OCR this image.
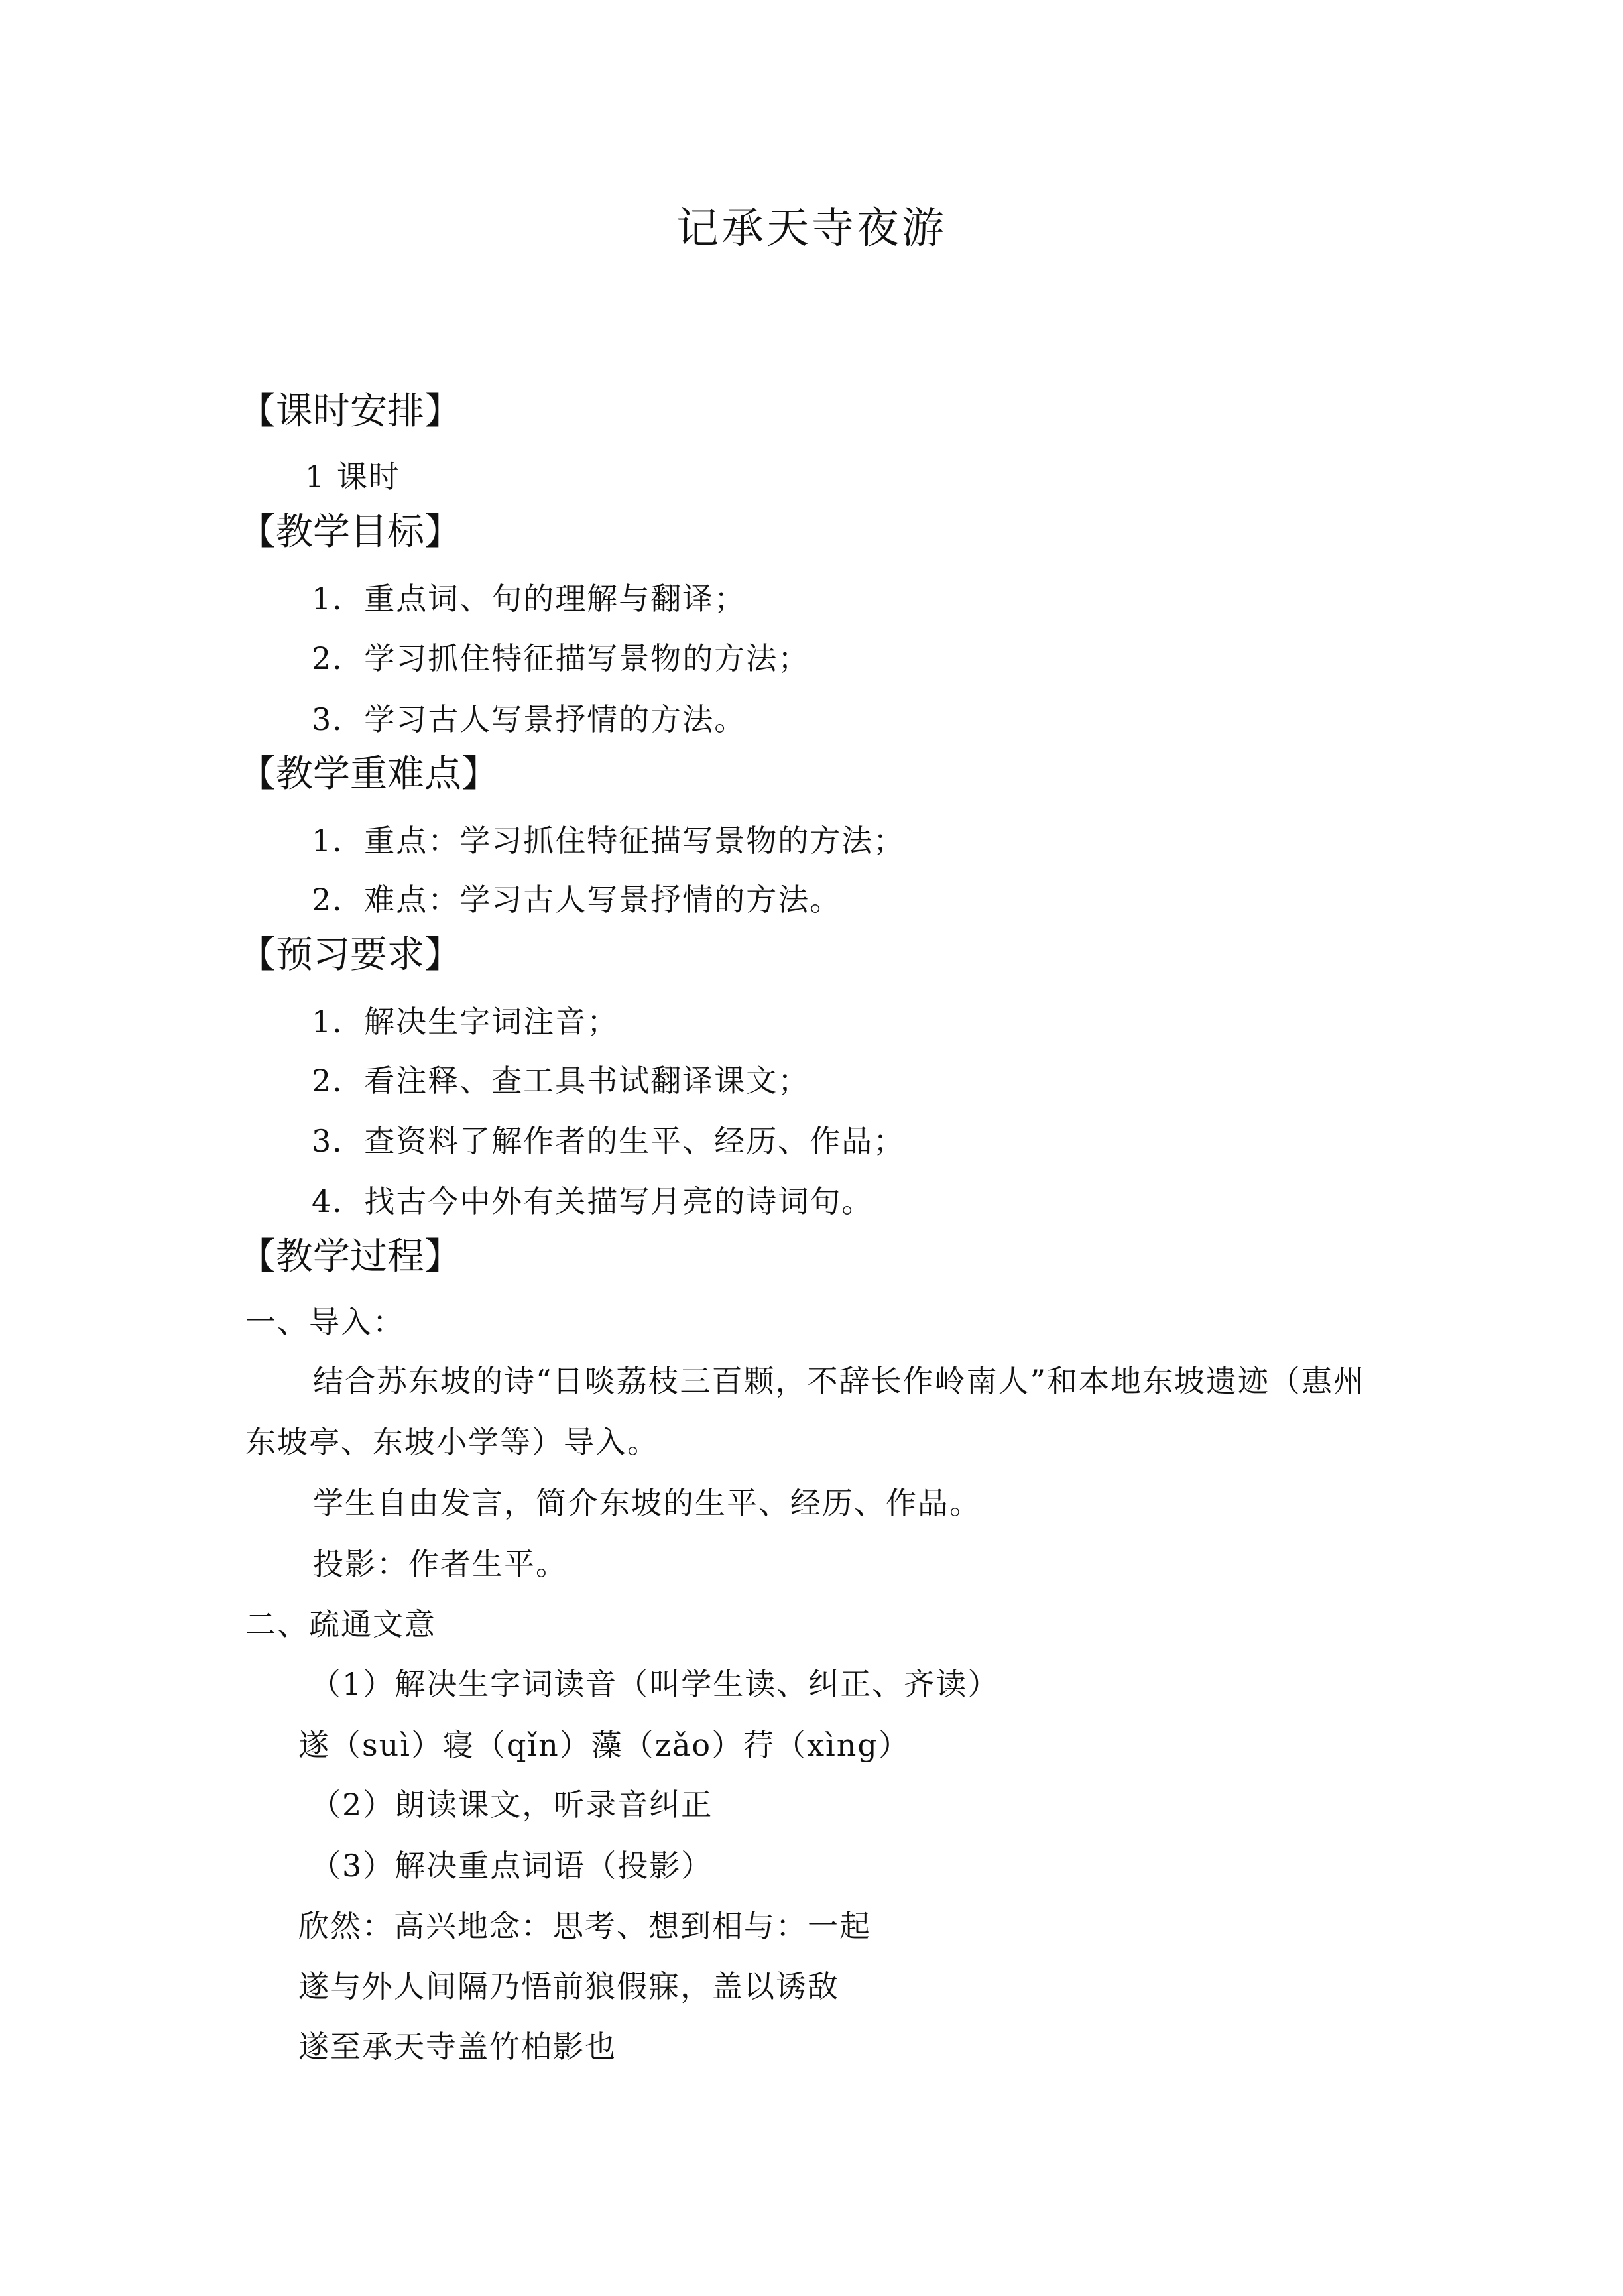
记承天寺夜游
【课时安排】
1 课时
【教学目标】
1．重点词、句的理解与翻译；
2．学习抓住特征描写景物的方法；
3．学习古人写景抒情的方法。
【教学重难点】
1．重点：学习抓住特征描写景物的方法；
2．难点：学习古人写景抒情的方法。
【预习要求】
1．解决生字词注音；
2．看注释、查工具书试翻译课文；
3．查资料了解作者的生平、经历、作品；
4．找古今中外有关描写月亮的诗词句。
【教学过程】
一、导入：
结合苏东坡的诗“日啖荔枝三百颗，不辞长作岭南人”和本地东坡遗迹（惠州东坡亭、东坡小学等）导入。
学生自由发言，简介东坡的生平、经历、作品。
投影：作者生平。
二、疏通文意
（1）解决生字词读音（叫学生读、纠正、齐读）
遂（suì）寝（qǐn）藻（zǎo）荇（xìng）
（2）朗读课文，听录音纠正
（3）解决重点词语（投影）
欣然：高兴地念：思考、想到相与：一起
遂与外人间隔乃悟前狼假寐，盖以诱敌
遂至承天寺盖竹柏影也
